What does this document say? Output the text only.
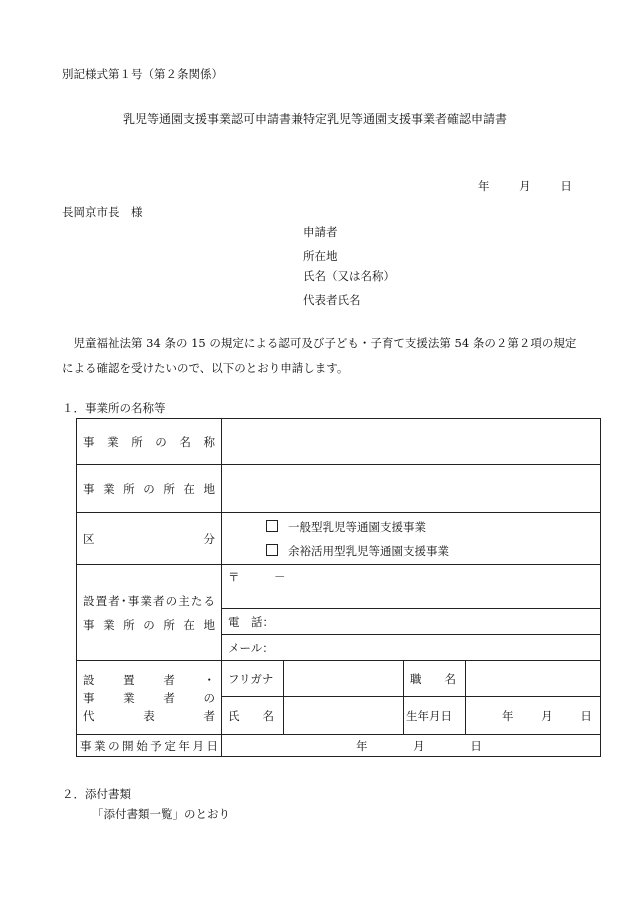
別記様式第１号（第２条関係）
乳児等通園支援事業認可申請書兼特定乳児等通園支援事業者確認申請書
年	月	日
長岡京市長　様
申請者
所在地
氏名（又は名称）
代表者氏名
　児童福祉法第 34 条の 15 の規定による認可及び子ども・子育て支援法第 54 条の２第２項の規定による確認を受けたいので、以下のとおり申請します。
１．事業所の名称等
事業所の名称				
事業所の所在地				

区 分	一般型乳児等通園支援事業
余裕活用型乳児等通園支援事業			

設置者･事業者の主たる
事業所の所在地	〒　　　－			
	電　話：			
	メール：			

設置者・
事業者の
代表者	フリガナ		職　　名	
	氏　　名		生年月日	年 月 日
事業の開始予定年月日	年 月 日			
２．添付書類
「添付書類一覧」のとおり
